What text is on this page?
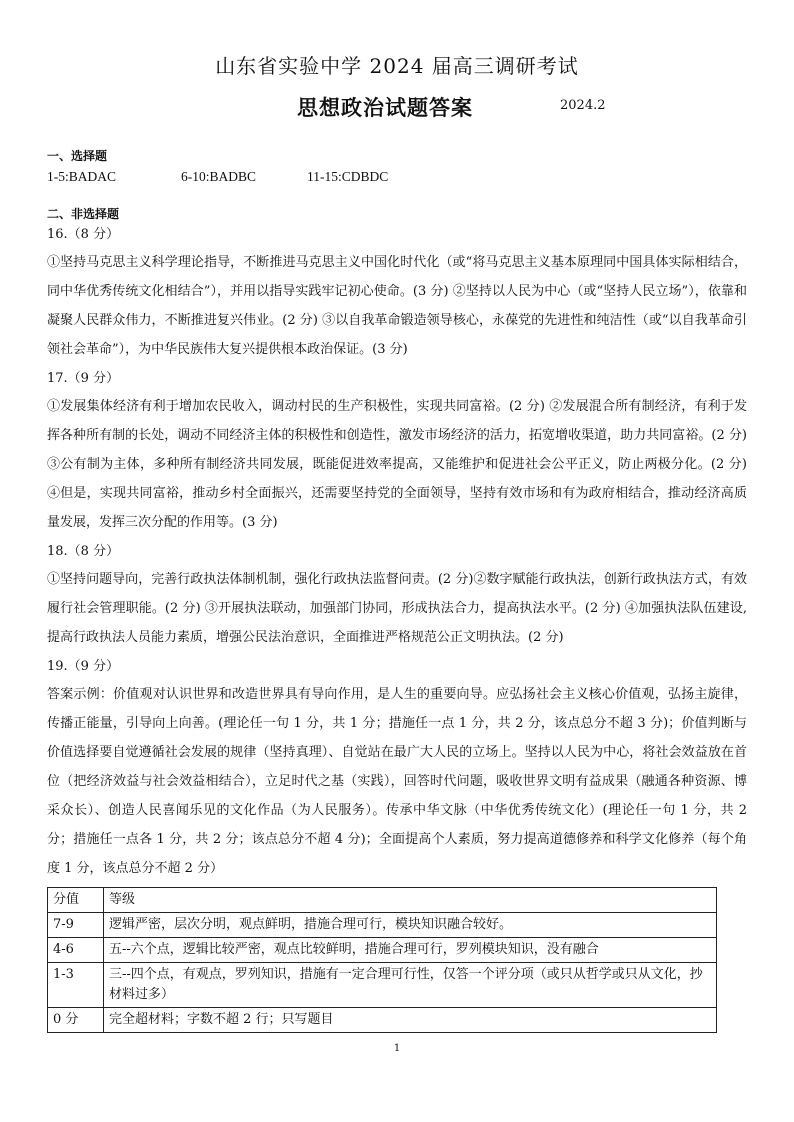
山东省实验中学 2024 届高三调研考试
思想政治试题答案	2024.2

一、选择题

1-5:BADAC	6-10:BADBC	11-15:CDBDC

二、非选择题

16.（8 分）
①坚持马克思主义科学理论指导，不断推进马克思主义中国化时代化（或“将马克思主义基本原理同中国具体实际相结合，同中华优秀传统文化相结合”），并用以指导实践牢记初心使命。(3 分) ②坚持以人民为中心（或“坚持人民立场”），依靠和凝聚人民群众伟力，不断推进复兴伟业。(2 分) ③以自我革命锻造领导核心，永葆党的先进性和纯洁性（或“以自我革命引领社会革命”），为中华民族伟大复兴提供根本政治保证。(3 分)
17.（9 分）
①发展集体经济有利于增加农民收入，调动村民的生产积极性，实现共同富裕。(2 分) ②发展混合所有制经济，有利于发挥各种所有制的长处，调动不同经济主体的积极性和创造性，激发市场经济的活力，拓宽增收渠道，助力共同富裕。(2 分) ③公有制为主体，多种所有制经济共同发展，既能促进效率提高，又能维护和促进社会公平正义，防止两极分化。(2 分) ④但是，实现共同富裕，推动乡村全面振兴，还需要坚持党的全面领导，坚持有效市场和有为政府相结合，推动经济高质量发展，发挥三次分配的作用等。(3 分)
18.（8 分）
①坚持问题导向，完善行政执法体制机制，强化行政执法监督问责。(2 分)②数字赋能行政执法，创新行政执法方式，有效履行社会管理职能。(2 分) ③开展执法联动，加强部门协同，形成执法合力，提高执法水平。(2 分) ④加强执法队伍建设,提高行政执法人员能力素质，增强公民法治意识，全面推进严格规范公正文明执法。(2 分)
19.（9 分）
答案示例：价值观对认识世界和改造世界具有导向作用，是人生的重要向导。应弘扬社会主义核心价值观，弘扬主旋律，传播正能量，引导向上向善。(理论任一句 1 分，共 1 分；措施任一点 1 分，共 2 分，该点总分不超 3 分)；价值判断与价值选择要自觉遵循社会发展的规律（坚持真理）、自觉站在最广大人民的立场上。坚持以人民为中心，将社会效益放在首位（把经济效益与社会效益相结合），立足时代之基（实践），回答时代问题，吸收世界文明有益成果（融通各种资源、博采众长）、创造人民喜闻乐见的文化作品（为人民服务）。传承中华文脉（中华优秀传统文化）(理论任一句 1 分，共 2 分；措施任一点各 1 分，共 2 分；该点总分不超 4 分)；全面提高个人素质，努力提高道德修养和科学文化修养（每个角度 1 分，该点总分不超 2 分）
分值	等级
7-9	逻辑严密，层次分明，观点鲜明，措施合理可行，模块知识融合较好。
4-6	五--六个点，逻辑比较严密，观点比较鲜明，措施合理可行，罗列模块知识，没有融合
1-3	三--四个点，有观点，罗列知识，措施有一定合理可行性，仅答一个评分项（或只从哲学或只从文化，抄材料过多）
0 分	完全超材料；字数不超 2 行；只写题目
1
